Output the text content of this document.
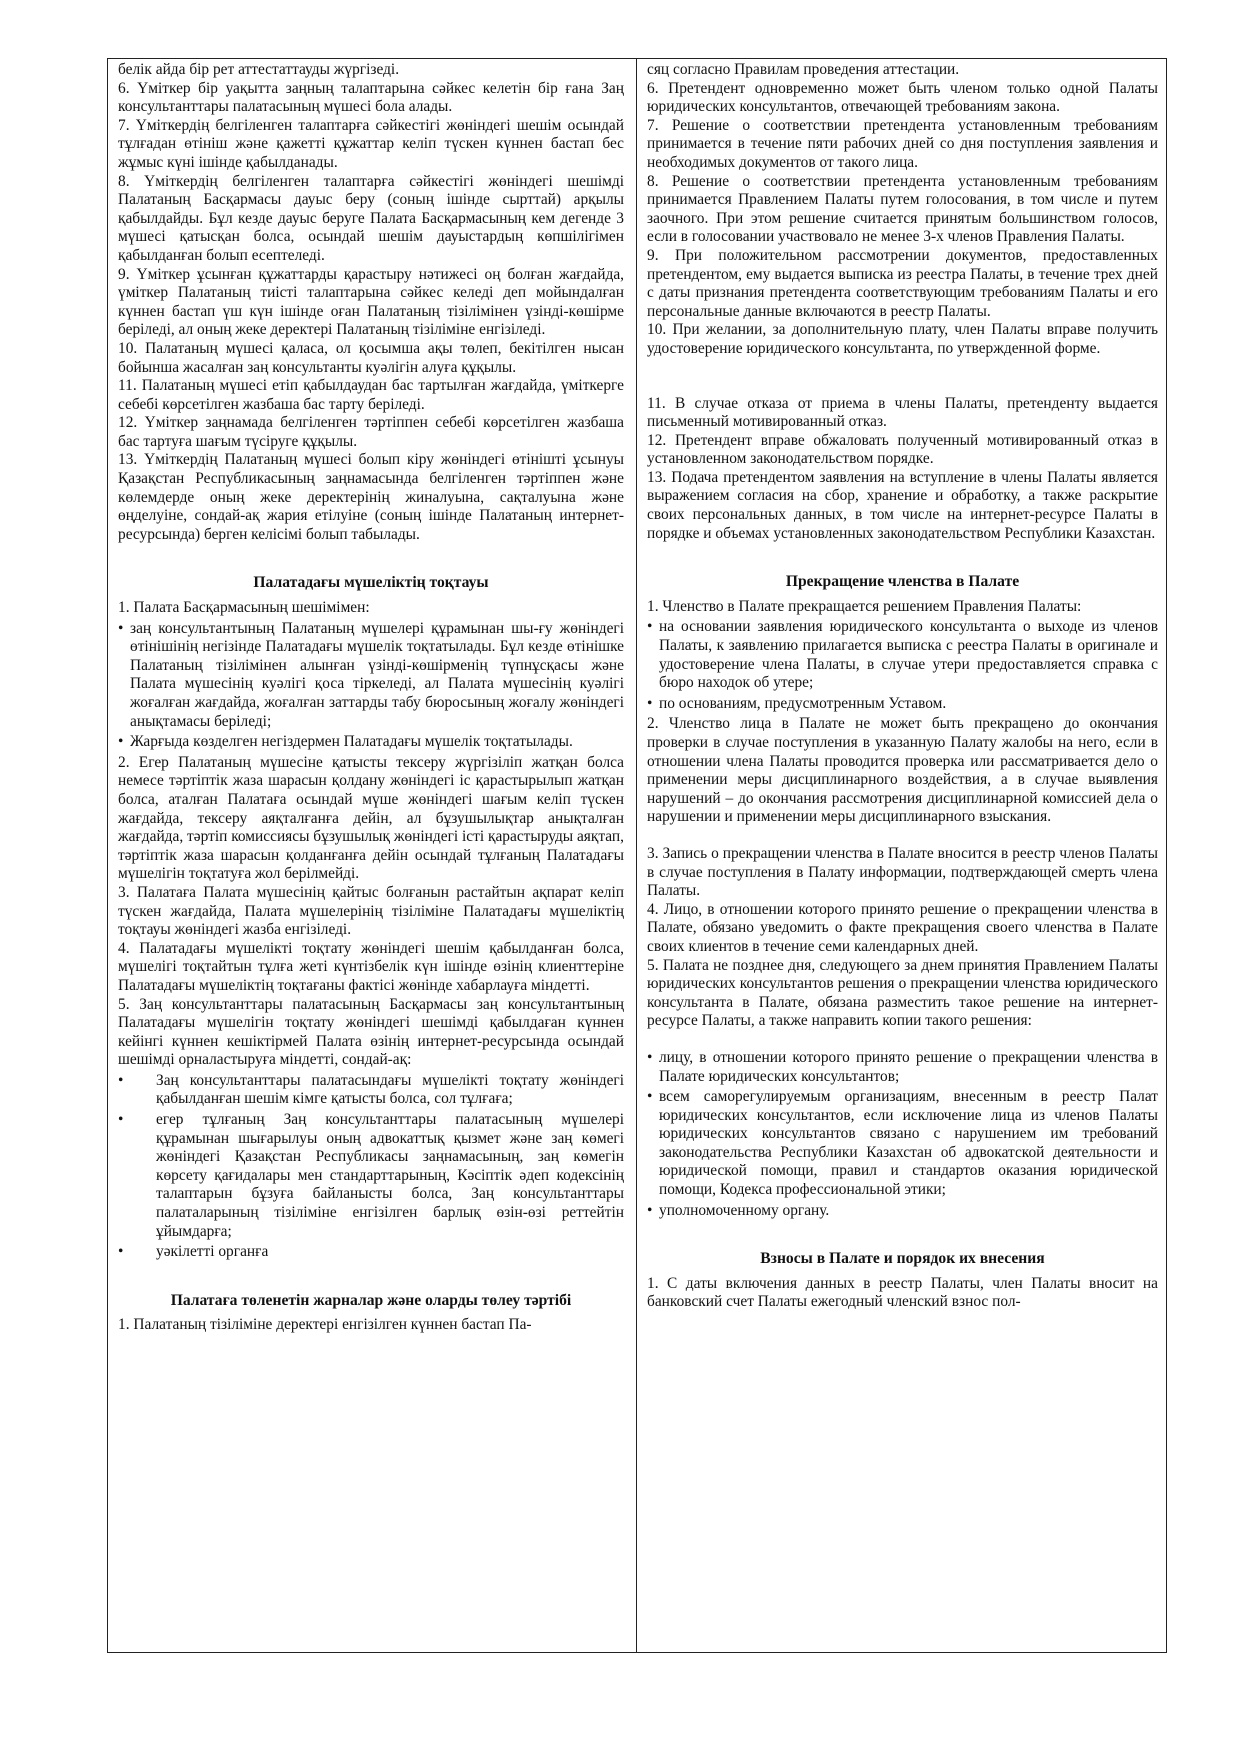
белік айда бір рет аттестаттауды жүргізеді.

6. Үміткер бір уақытта заңның талаптарына сәйкес келетін бір ғана Заң консультанттары палатасының мүшесі бола алады.

7. Үміткердің белгіленген талаптарға сәйкестігі жөніндегі шешім осындай тұлғадан өтініш және қажетті құжаттар келіп түскен күннен бастап бес жұмыс күні ішінде қабылданады.

8. Үміткердің белгіленген талаптарға сәйкестігі жөніндегі шешімді Палатаның Басқармасы дауыс беру (соның ішінде сырттай) арқылы қабылдайды. Бұл кезде дауыс беруге Палата Басқармасының кем дегенде 3 мүшесі қатысқан болса, осындай шешім дауыстардың көпшілігімен қабылданған болып есептеледі.

9. Үміткер ұсынған құжаттарды қарастыру нәтижесі оң болған жағдайда, үміткер Палатаның тиісті талаптарына сәйкес келеді деп мойындалған күннен бастап үш күн ішінде оған Палатаның тізілімінен үзінді-көшірме беріледі, ал оның жеке деректері Палатаның тізіліміне енгізіледі.

10. Палатаның мүшесі қаласа, ол қосымша ақы төлеп, бекітілген нысан бойынша жасалған заң консультанты куәлігін алуға құқылы.

11. Палатаның мүшесі етіп қабылдаудан бас тартылған жағдайда, үміткерге себебі көрсетілген жазбаша бас тарту беріледі.

12. Үміткер заңнамада белгіленген тәртіппен себебі көрсетілген жазбаша бас тартуға шағым түсіруге құқылы.

13. Үміткердің Палатаның мүшесі болып кіру жөніндегі өтінішті ұсынуы Қазақстан Республикасының заңнамасында белгіленген тәртіппен және көлемдерде оның жеке деректерінің жиналуына, сақталуына және өңделуіне, сондай-ақ жария етілуіне (соның ішінде Палатаның интернет-ресурсында) берген келісімі болып табылады.

Палатадағы мүшеліктің тоқтауы

1. Палата Басқармасының шешімімен:

• заң консультантының Палатаның мүшелері құрамынан шы-ғу жөніндегі өтінішінің негізінде Палатадағы мүшелік тоқтатылады. Бұл кезде өтінішке Палатаның тізілімінен алынған үзінді-көшірменің түпнұсқасы және Палата мүшесінің куәлігі қоса тіркеледі, ал Палата мүшесінің куәлігі жоғалған жағдайда, жоғалған заттарды табу бюросының жоғалу жөніндегі анықтамасы беріледі;
• Жарғыда көзделген негіздермен Палатадағы мүшелік тоқтатылады.

2. Егер Палатаның мүшесіне қатысты тексеру жүргізіліп жатқан болса немесе тәртіптік жаза шарасын қолдану жөніндегі іс қарастырылып жатқан болса, аталған Палатаға осындай мүше жөніндегі шағым келіп түскен жағдайда, тексеру аяқталғанға дейін, ал бұзушылықтар анықталған жағдайда, тәртіп комиссиясы бұзушылық жөніндегі істі қарастыруды аяқтап, тәртіптік жаза шарасын қолданғанға дейін осындай тұлғаның Палатадағы мүшелігін тоқтатуға жол берілмейді.

3. Палатаға Палата мүшесінің қайтыс болғанын растайтын ақпарат келіп түскен жағдайда, Палата мүшелерінің тізіліміне Палатадағы мүшеліктің тоқтауы жөніндегі жазба енгізіледі.

4. Палатадағы мүшелікті тоқтату жөніндегі шешім қабылданған болса, мүшелігі тоқтайтын тұлға жеті күнтізбелік күн ішінде өзінің клиенттеріне Палатадағы мүшеліктің тоқтағаны фактісі жөнінде хабарлауға міндетті.

5. Заң консультанттары палатасының Басқармасы заң консультантының Палатадағы мүшелігін тоқтату жөніндегі шешімді қабылдаған күннен кейінгі күннен кешіктірмей Палата өзінің интернет-ресурсында осындай шешімді орналастыруға міндетті, сондай-ақ:

•	Заң консультанттары палатасындағы мүшелікті тоқтату жөніндегі қабылданған шешім кімге қатысты болса, сол тұлғаға;
•	егер тұлғаның Заң консультанттары палатасының мүшелері құрамынан шығарылуы оның адвокаттық қызмет және заң көмегі жөніндегі Қазақстан Республикасы заңнамасының, заң көмегін көрсету қағидалары мен стандарттарының, Кәсіптік әдеп кодексінің талаптарын бұзуға байланысты болса, Заң консультанттары палаталарының тізіліміне енгізілген барлық өзін-өзі реттейтін ұйымдарға;
•	уәкілетті органға
Палатаға төленетін жарналар және оларды төлеу тәртібі

1. Палатаның тізіліміне деректері енгізілген күннен бастап Па-

сяц согласно Правилам проведения аттестации.

6. Претендент одновременно может быть членом только одной Палаты юридических консультантов, отвечающей требованиям закона.

7. Решение о соответствии претендента установленным требованиям принимается в течение пяти рабочих дней со дня поступления заявления и необходимых документов от такого лица.

8. Решение о соответствии претендента установленным требованиям принимается Правлением Палаты путем голосования, в том числе и путем заочного. При этом решение считается принятым большинством голосов, если в голосовании участвовало не менее 3-х членов Правления Палаты.

9. При положительном рассмотрении документов, предоставленных претендентом, ему выдается выписка из реестра Палаты, в течение трех дней с даты признания претендента соответствующим требованиям Палаты и его персональные данные включаются в реестр Палаты.

10. При желании, за дополнительную плату, член Палаты вправе получить удостоверение юридического консультанта, по утвержденной форме.

11. В случае отказа от приема в члены Палаты, претенденту выдается письменный мотивированный отказ.

12. Претендент вправе обжаловать полученный мотивированный отказ в установленном законодательством порядке.

13. Подача претендентом заявления на вступление в члены Палаты является выражением согласия на сбор, хранение и обработку, а также раскрытие своих персональных данных, в том числе на интернет-ресурсе Палаты в порядке и объемах установленных законодательством Республики Казахстан.

Прекращение членства в Палате

1. Членство в Палате прекращается решением Правления Палаты:

• на основании заявления юридического консультанта о выходе из членов Палаты, к заявлению прилагается выписка с реестра Палаты в оригинале и удостоверение члена Палаты, в случае утери предоставляется справка с бюро находок об утере;
• по основаниям, предусмотренным Уставом.

2. Членство лица в Палате не может быть прекращено до окончания проверки в случае поступления в указанную Палату жалобы на него, если в отношении члена Палаты проводится проверка или рассматривается дело о применении меры дисциплинарного воздействия, а в случае выявления нарушений – до окончания рассмотрения дисциплинарной комиссией дела о нарушении и применении меры дисциплинарного взыскания.

3. Запись о прекращении членства в Палате вносится в реестр членов Палаты в случае поступления в Палату информации, подтверждающей смерть члена Палаты.

4. Лицо, в отношении которого принято решение о прекращении членства в Палате, обязано уведомить о факте прекращения своего членства в Палате своих клиентов в течение семи календарных дней.

5. Палата не позднее дня, следующего за днем принятия Правлением Палаты юридических консультантов решения о прекращении членства юридического консультанта в Палате, обязана разместить такое решение на интернет-ресурсе Палаты, а также направить копии такого решения:

• лицу, в отношении которого принято решение о прекращении членства в Палате юридических консультантов;
• всем саморегулируемым организациям, внесенным в реестр Палат юридических консультантов, если исключение лица из членов Палаты юридических консультантов связано с нарушением им требований законодательства Республики Казахстан об адвокатской деятельности и юридической помощи, правил и стандартов оказания юридической помощи, Кодекса профессиональной этики;
• уполномоченному органу.
Взносы в Палате и порядок их внесения

1. С даты включения данных в реестр Палаты, член Палаты вносит на банковский счет Палаты ежегодный членский взнос пол-
